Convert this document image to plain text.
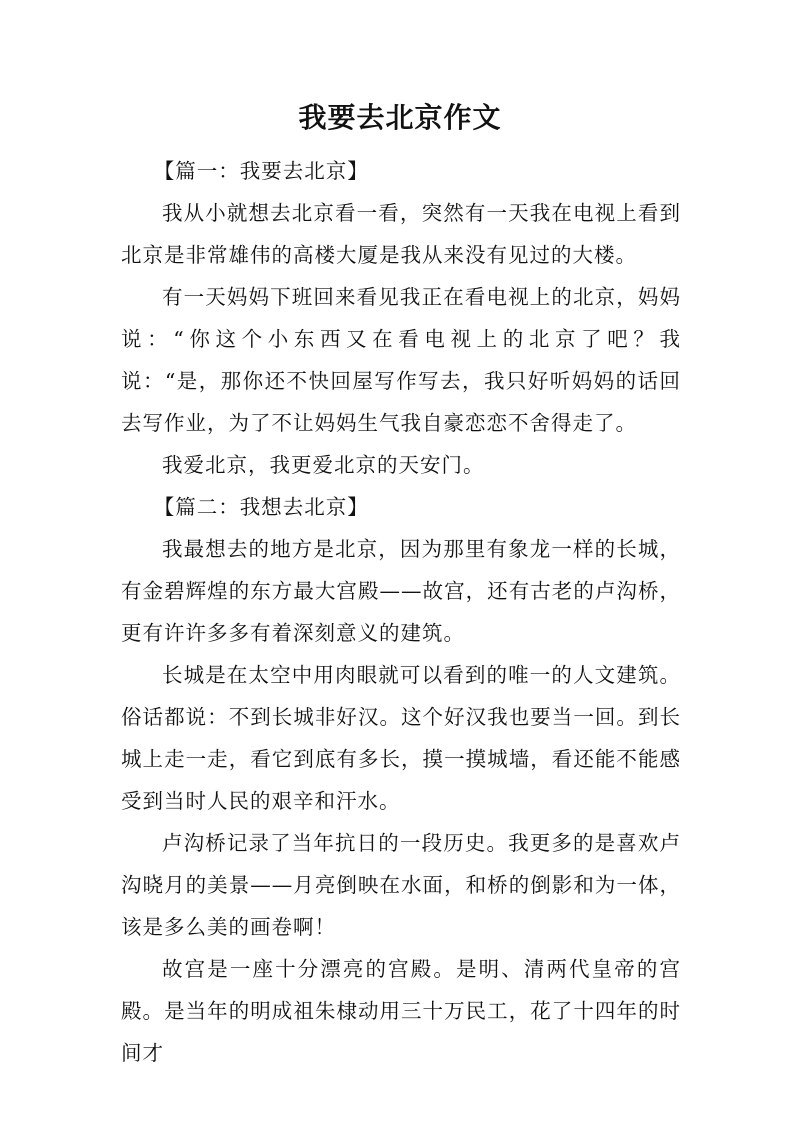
我要去北京作文

【篇一：我要去北京】

我从小就想去北京看一看，突然有一天我在电视上看到北京是非常雄伟的高楼大厦是我从来没有见过的大楼。

有一天妈妈下班回来看见我正在看电视上的北京，妈妈说：“你这个小东西又在看电视上的北京了吧？我说：“是，那你还不快回屋写作写去，我只好听妈妈的话回去写作业，为了不让妈妈生气我自豪恋恋不舍得走了。

我爱北京，我更爱北京的天安门。

【篇二：我想去北京】

我最想去的地方是北京，因为那里有象龙一样的长城，有金碧辉煌的东方最大宫殿——故宫，还有古老的卢沟桥，更有许许多多有着深刻意义的建筑。

长城是在太空中用肉眼就可以看到的唯一的人文建筑。俗话都说：不到长城非好汉。这个好汉我也要当一回。到长城上走一走，看它到底有多长，摸一摸城墙，看还能不能感受到当时人民的艰辛和汗水。

卢沟桥记录了当年抗日的一段历史。我更多的是喜欢卢沟晓月的美景——月亮倒映在水面，和桥的倒影和为一体，该是多么美的画卷啊！

故宫是一座十分漂亮的宫殿。是明、清两代皇帝的宫殿。是当年的明成祖朱棣动用三十万民工，花了十四年的时间才
